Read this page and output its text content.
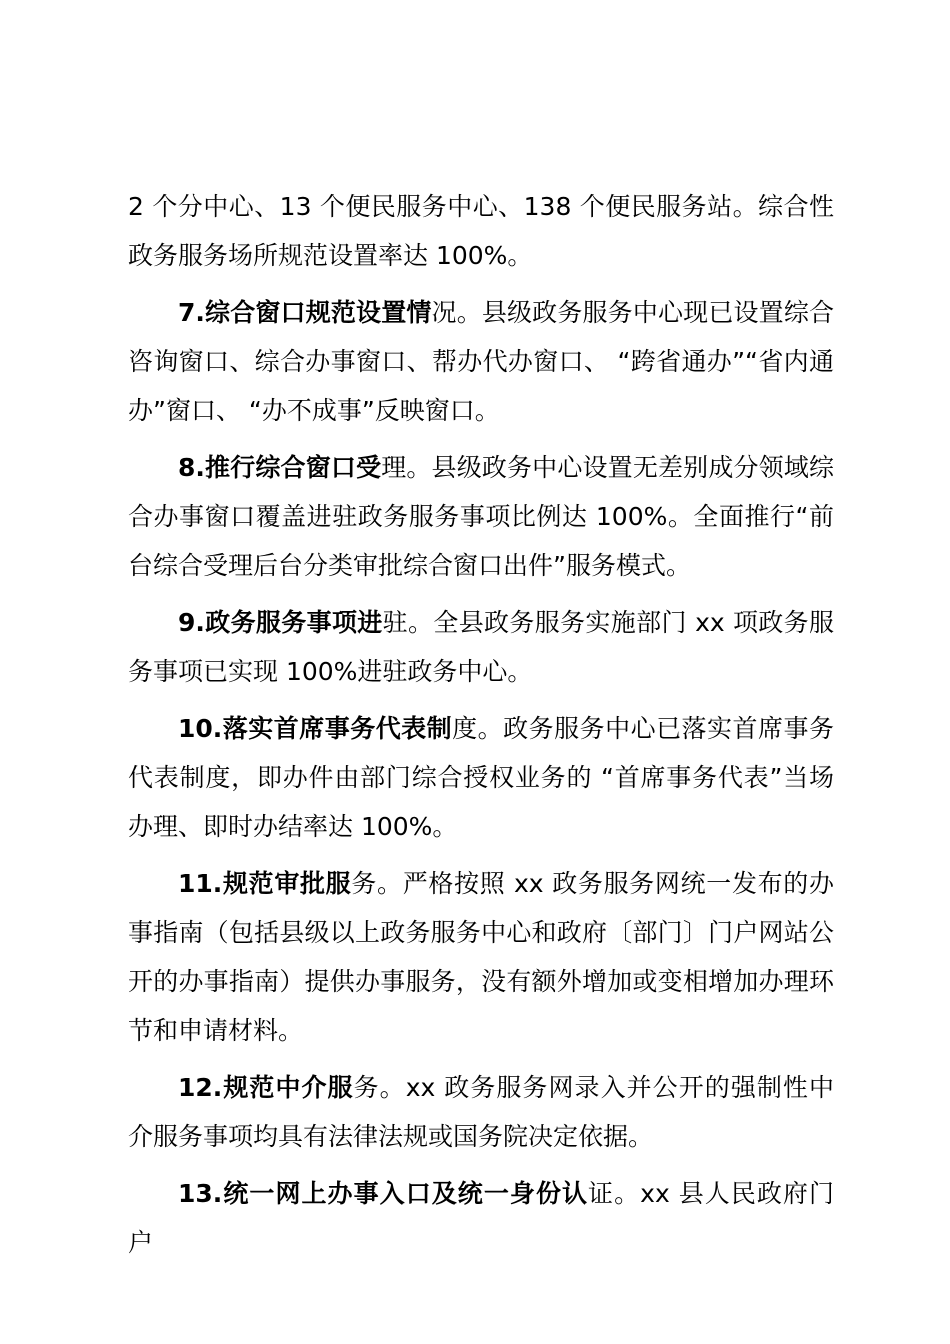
2 个分中心、13 个便民服务中心、138 个便民服务站。综合性政务服务场所规范设置率达 100%。

7.综合窗口规范设置情况。县级政务服务中心现已设置综合咨询窗口、综合办事窗口、帮办代办窗口、 “跨省通办”“省内通办”窗口、 “办不成事”反映窗口。

8.推行综合窗口受理。县级政务中心设置无差别成分领域综合办事窗口覆盖进驻政务服务事项比例达 100%。全面推行“前台综合受理后台分类审批综合窗口出件”服务模式。

9.政务服务事项进驻。全县政务服务实施部门 xx 项政务服务事项已实现 100%进驻政务中心。

10.落实首席事务代表制度。政务服务中心已落实首席事务代表制度，即办件由部门综合授权业务的 “首席事务代表”当场办理、即时办结率达 100%。

11.规范审批服务。严格按照 xx 政务服务网统一发布的办事指南（包括县级以上政务服务中心和政府〔部门〕门户网站公开的办事指南）提供办事服务，没有额外增加或变相增加办理环节和申请材料。

12.规范中介服务。xx 政务服务网录入并公开的强制性中介服务事项均具有法律法规或国务院决定依据。

13.统一网上办事入口及统一身份认证。xx 县人民政府门户
